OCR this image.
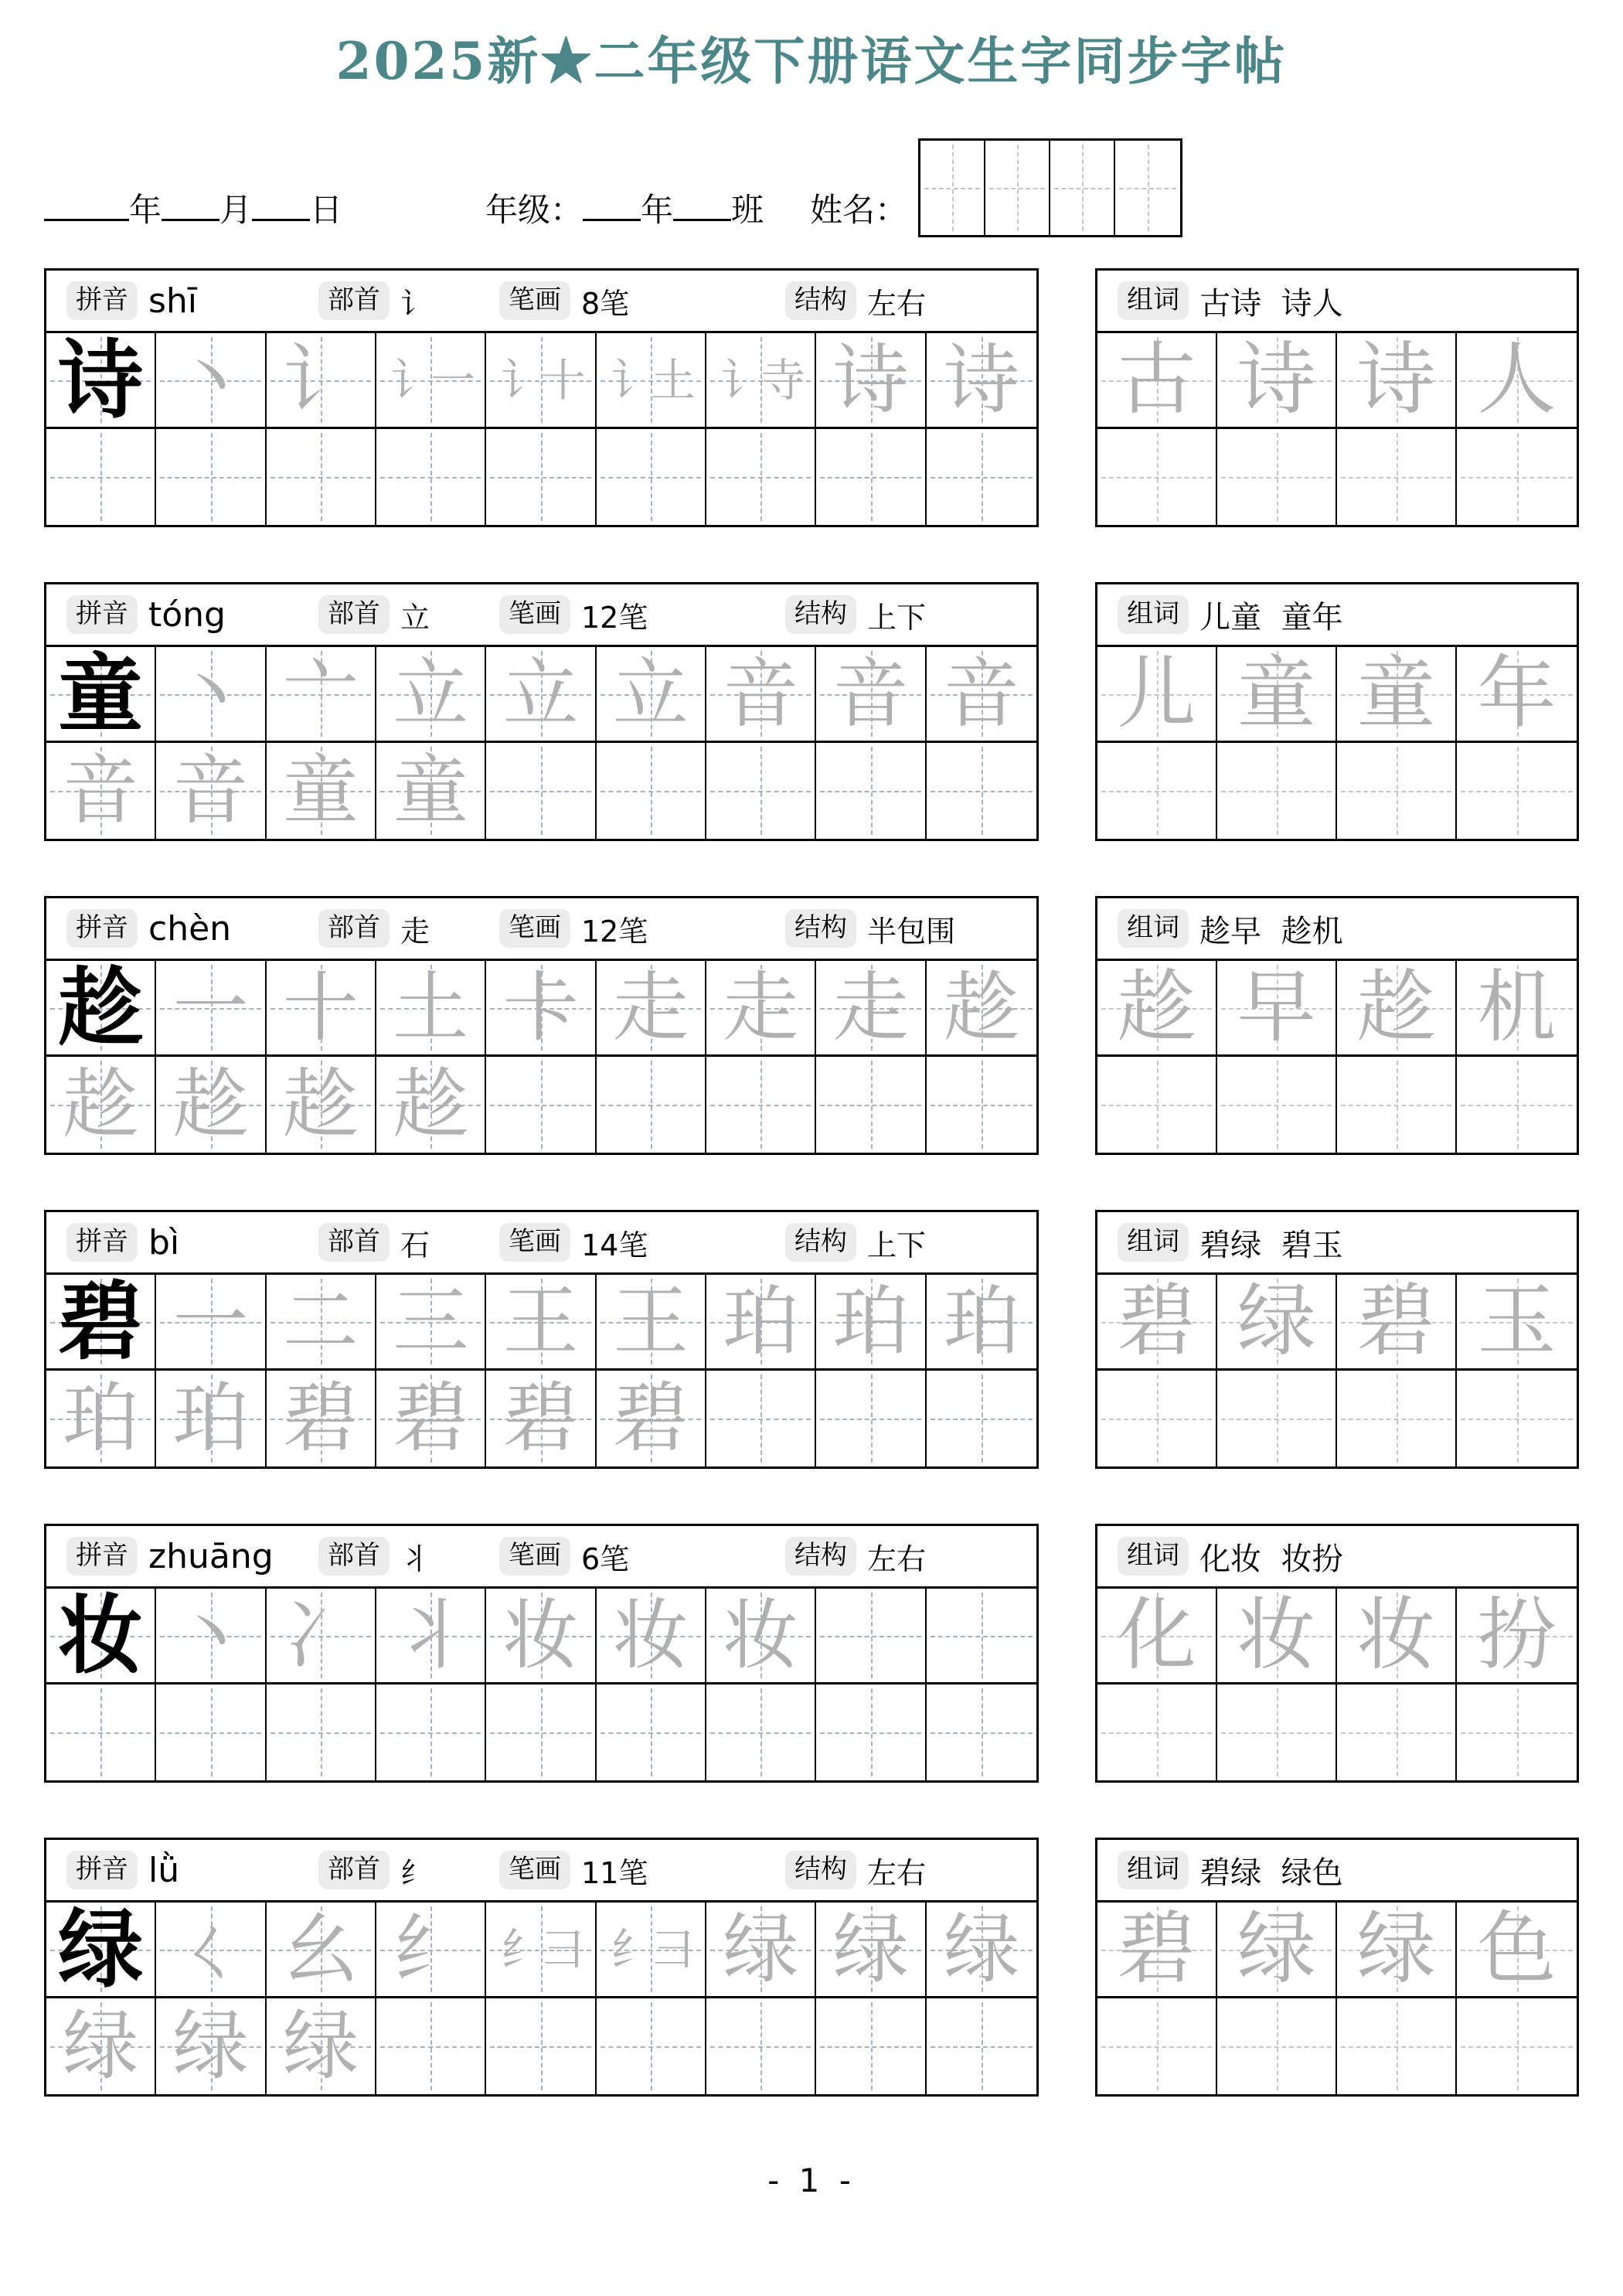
2025新★二年级下册语文生字同步字帖
年 月 日	年级： 年 班 姓名：
拼音 shī	部首 讠	笔画 8笔	结构 左右
诗 丶 讠 讠一 讠十 讠土 讠寺 诗 诗
组词 古诗  诗人
古 诗 诗 人
拼音 tóng	部首 立	笔画 12笔	结构 上下
童 丶 亠 立 立 立 音 音 音
音 音 童 童
组词 儿童  童年
儿 童 童 年
拼音 chèn	部首 走	笔画 12笔	结构 半包围
趁 一 十 土 卡 走 走 走 趁
趁 趁 趁 趁
组词 趁早  趁机
趁 早 趁 机
拼音 bì	部首 石	笔画 14笔	结构 上下
碧 一 二 三 王 王 珀 珀 珀
珀 珀 碧 碧 碧 碧
组词 碧绿  碧玉
碧 绿 碧 玉
拼音 zhuāng	部首 丬	笔画 6笔	结构 左右
妆 丶 冫 丬 妆 妆 妆
组词 化妆  妆扮
化 妆 妆 扮
拼音 lǜ	部首 纟	笔画 11笔	结构 左右
绿 ㄑ 幺 纟 纟彐 纟彐 绿 绿 绿
绿 绿 绿
组词 碧绿  绿色
碧 绿 绿 色
- 1 -
